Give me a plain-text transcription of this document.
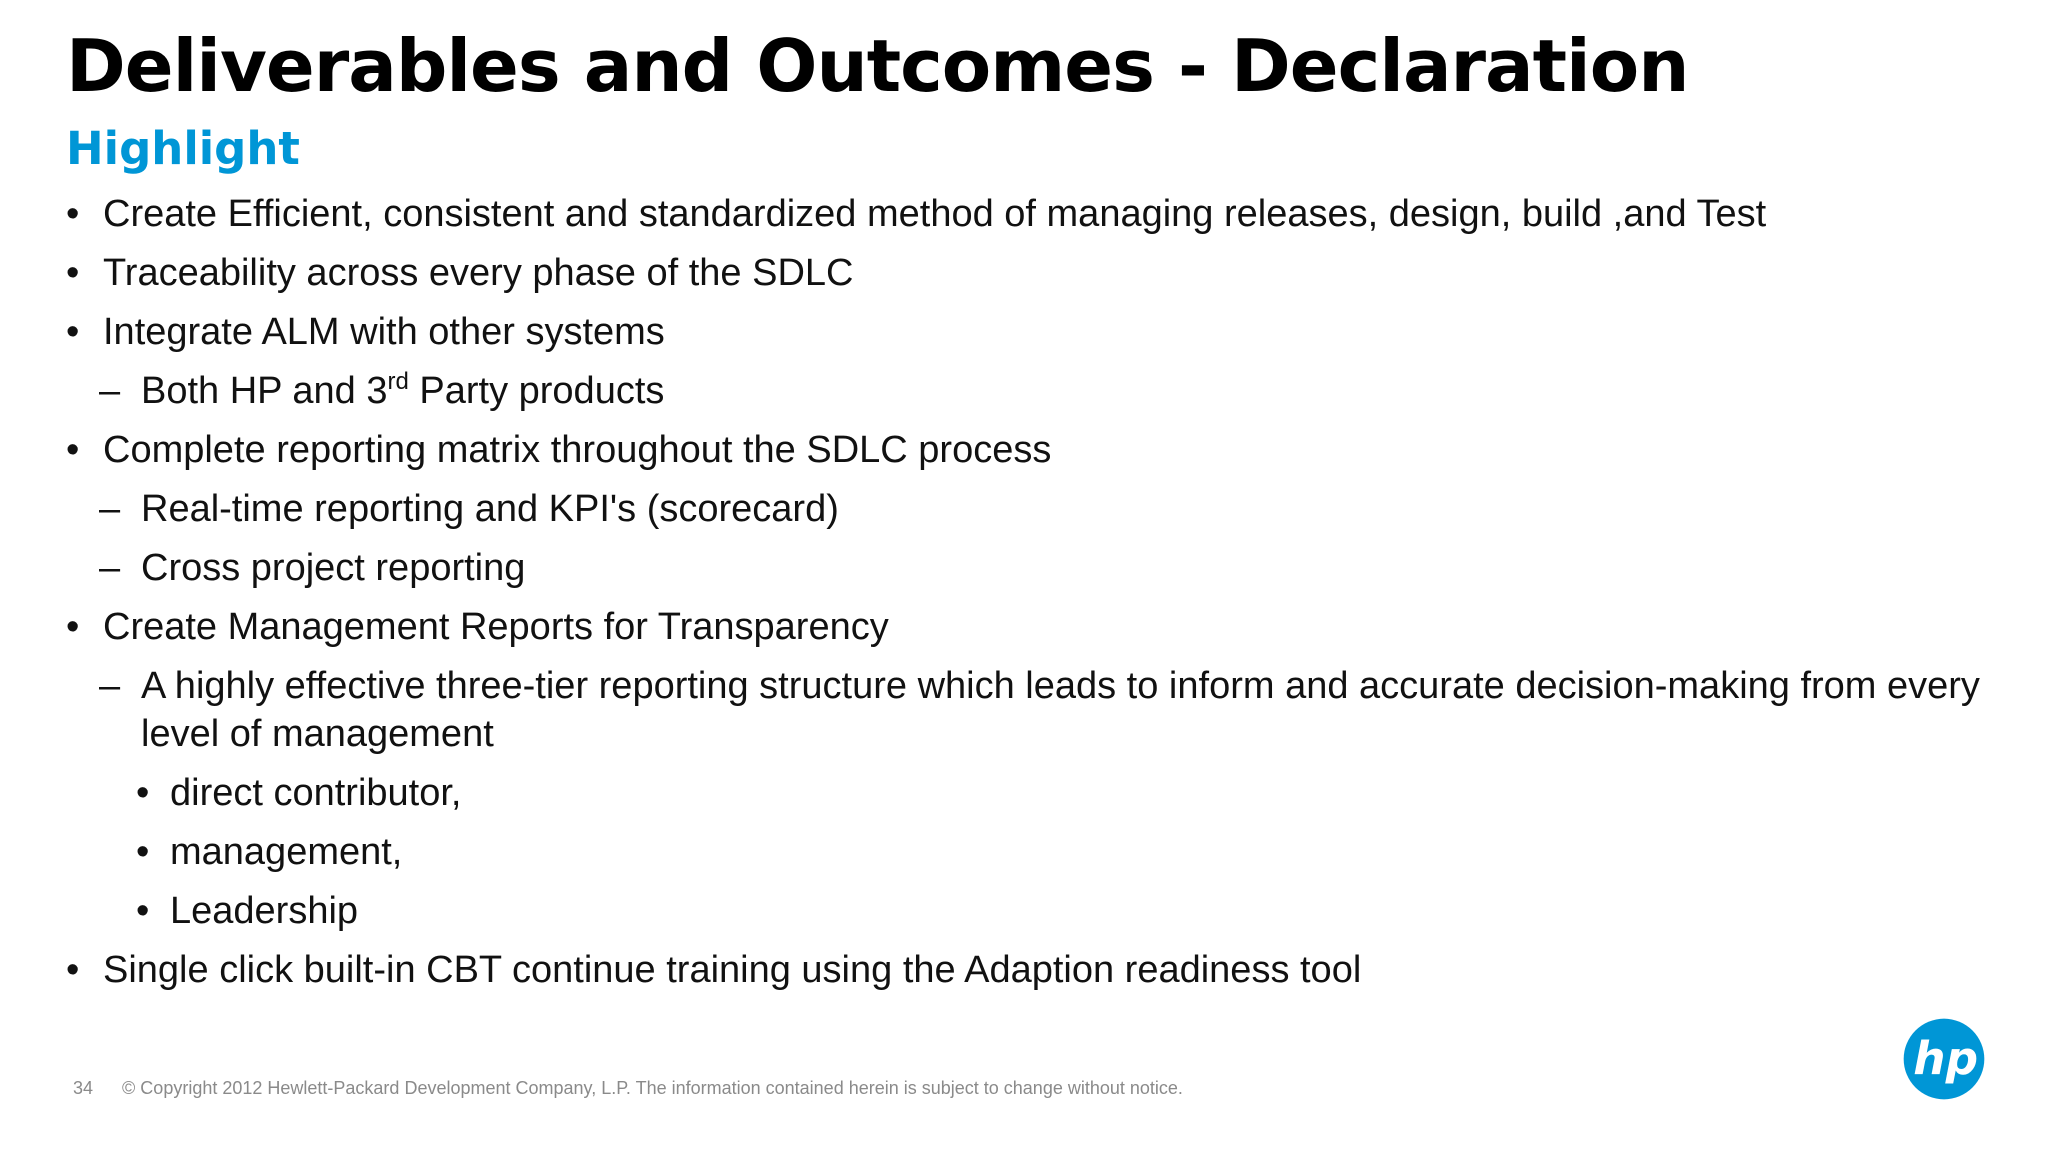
Deliverables and Outcomes - Declaration
Highlight
• Create Efficient, consistent and standardized method of managing releases, design, build ,and Test
• Traceability across every phase of the SDLC
• Integrate ALM with other systems
– Both HP and 3rd Party products
• Complete reporting matrix throughout the SDLC process
– Real-time reporting and KPI's (scorecard)
– Cross project reporting
• Create Management Reports for Transparency
– A highly effective three-tier reporting structure which leads to inform and accurate decision-making from every level of management
• direct contributor,
• management,
• Leadership
• Single click built-in CBT continue training using the Adaption readiness tool
34 © Copyright 2012 Hewlett-Packard Development Company, L.P. The information contained herein is subject to change without notice.
hp
